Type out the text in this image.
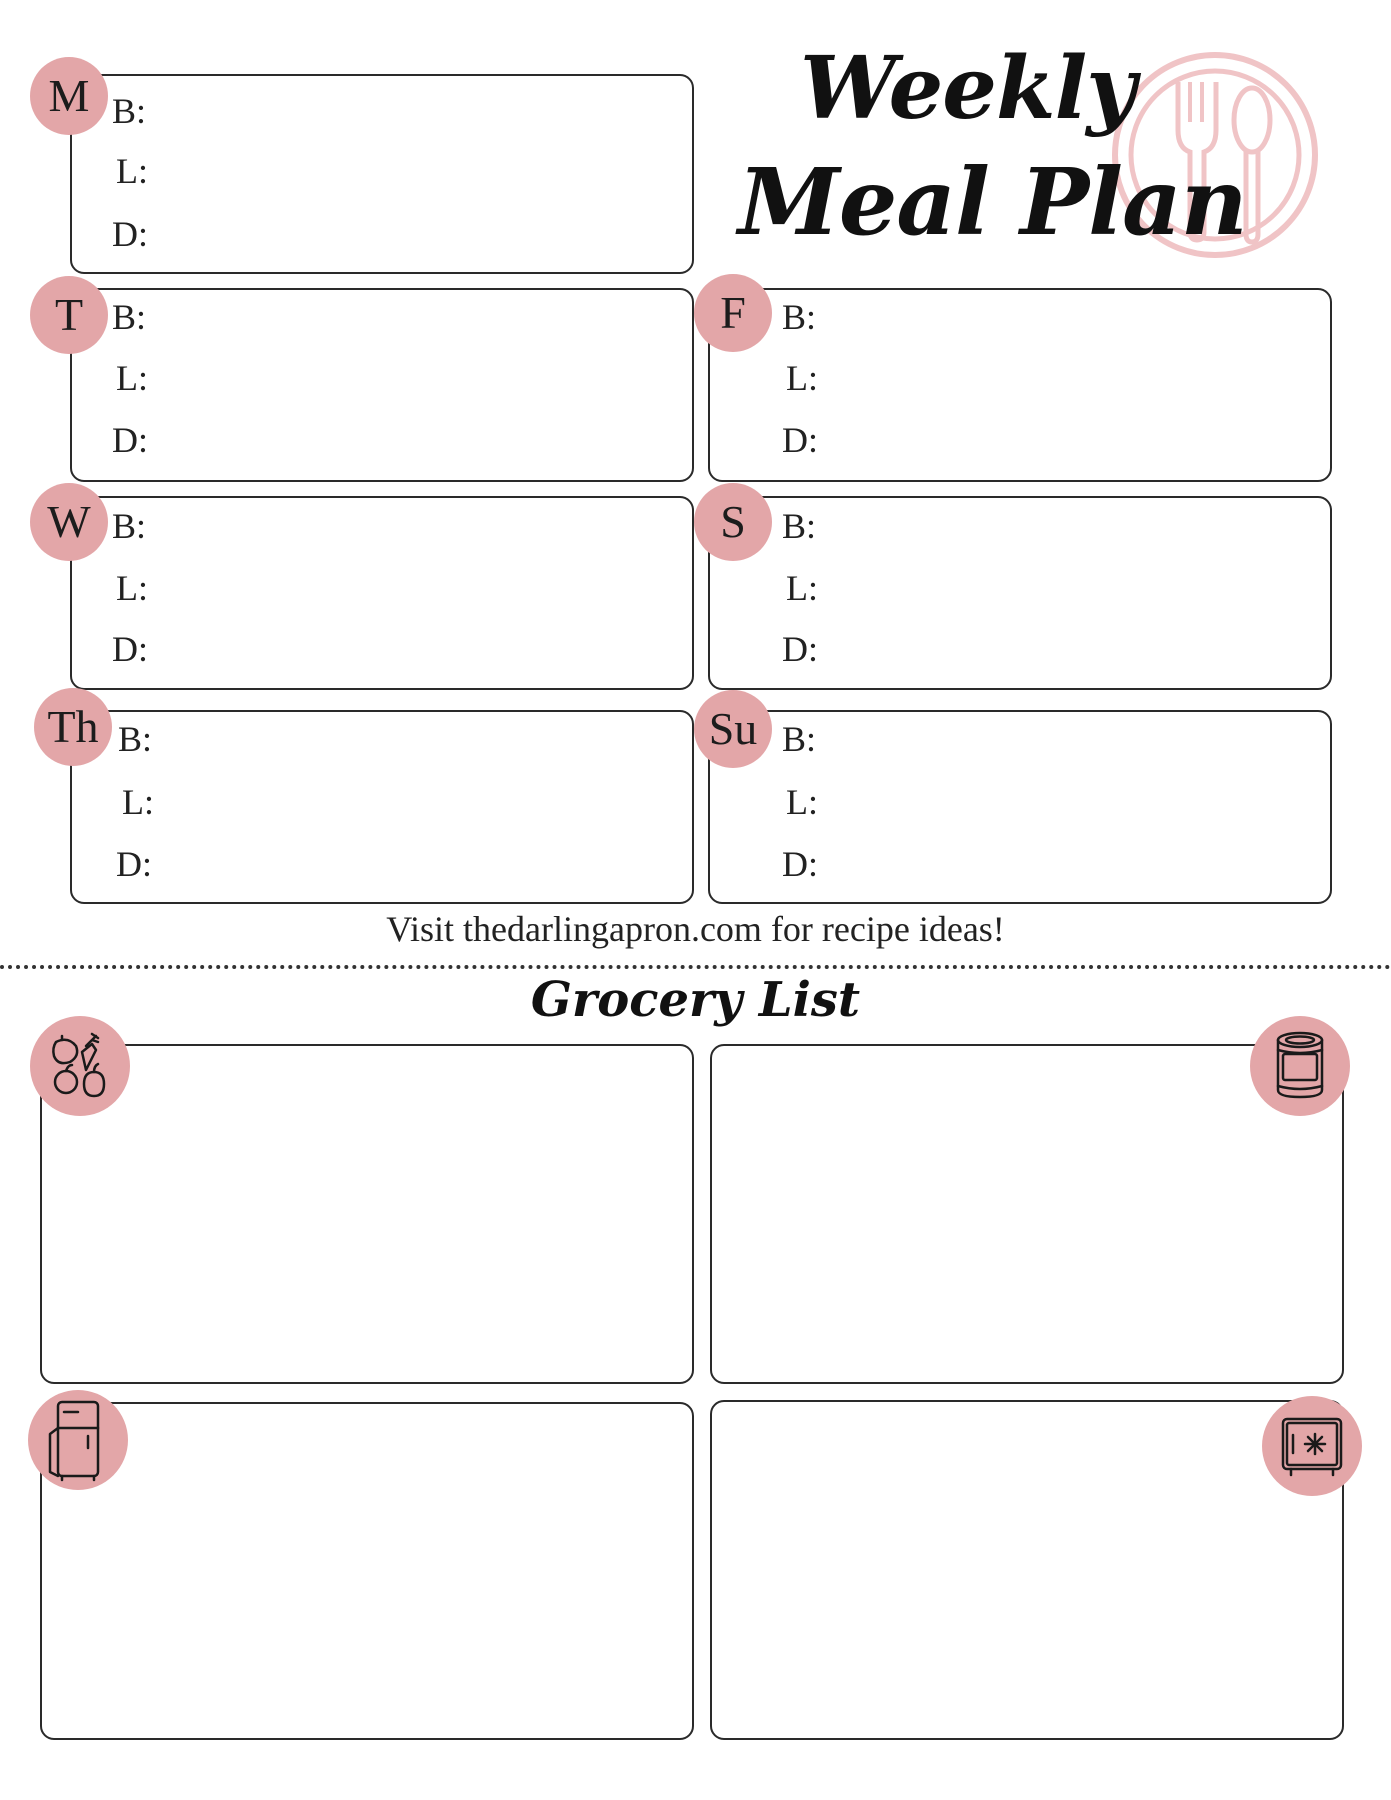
Weekly
Meal Plan
M B:
L:
D:
T B:
L:
D:
W B:
L:
D:
Th B:
L:
D:
F	B:
L:
D:
S	B:
L:
D:
Su B:
L:
D:
Visit thedarlingapron.com for recipe ideas!
Grocery List
